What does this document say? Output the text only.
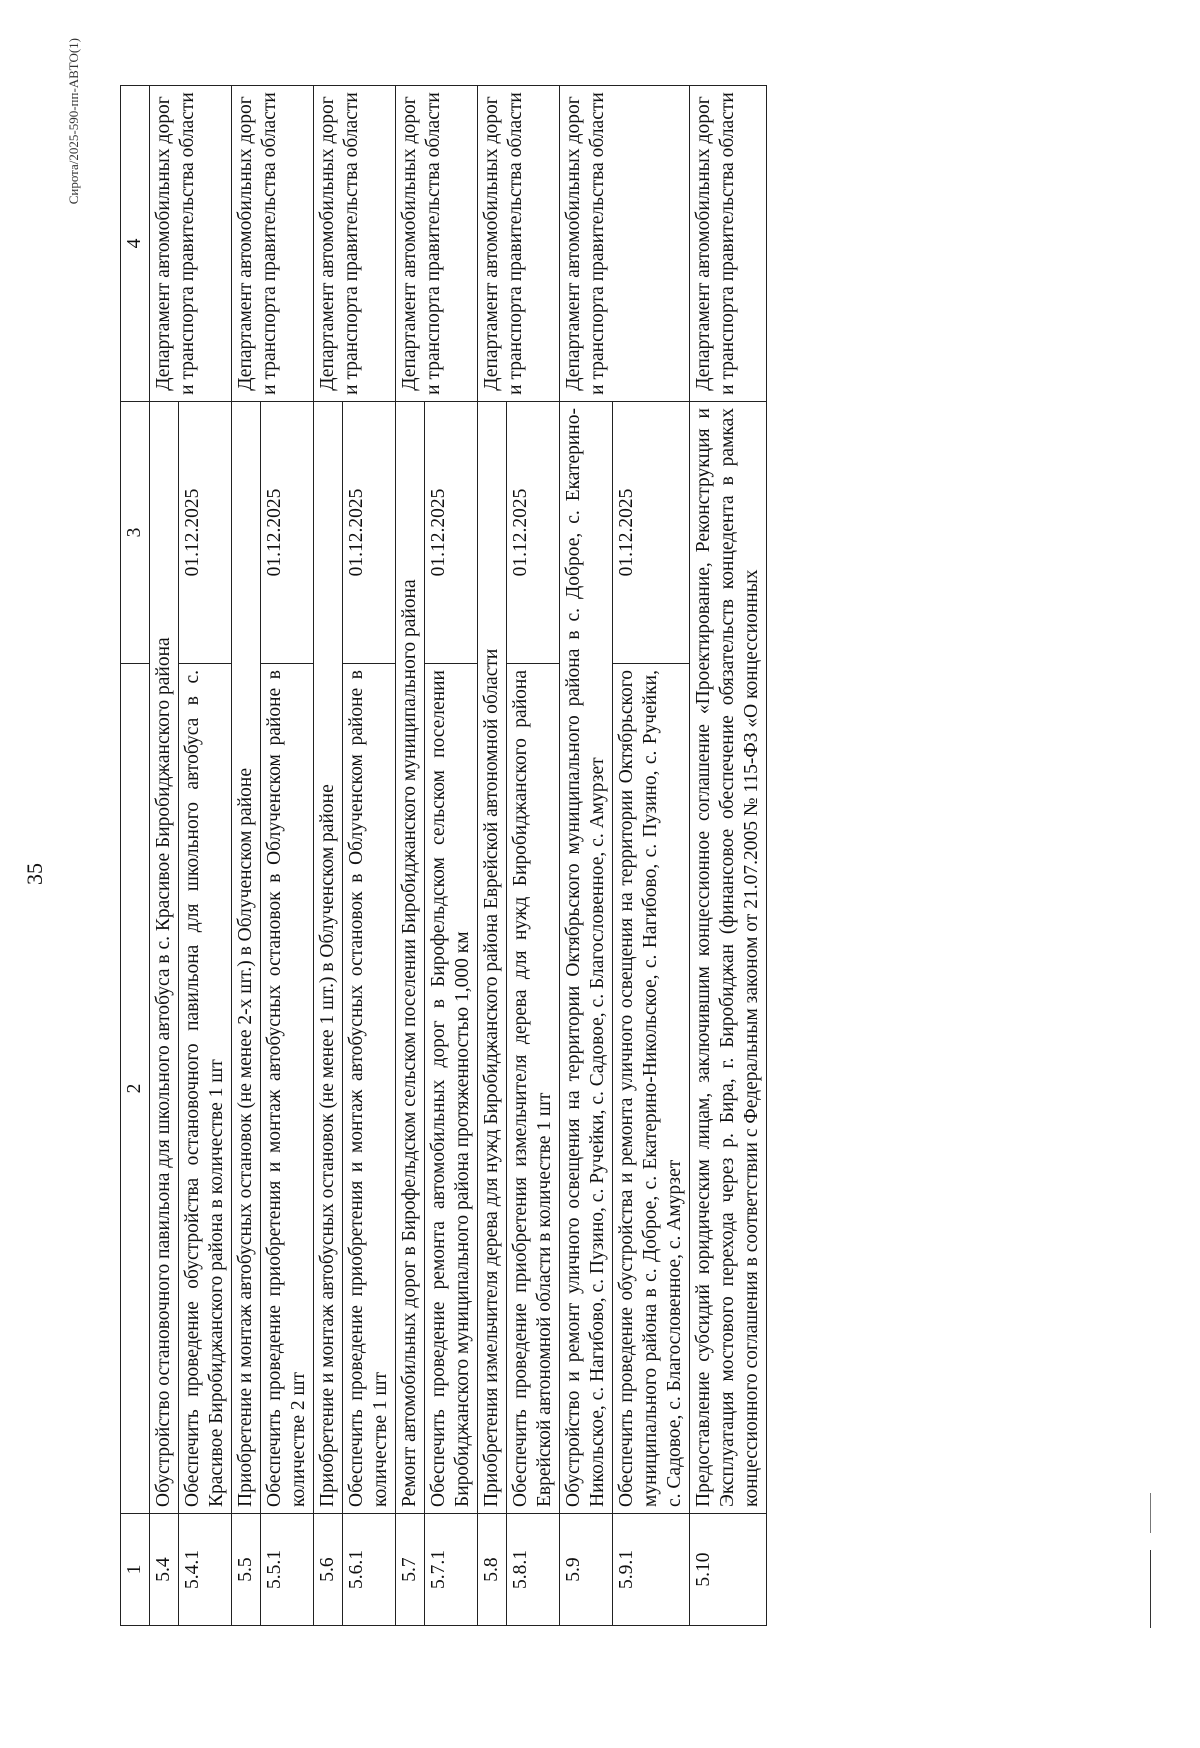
35
1	2	3	4
5.4	Обустройство остановочного павильона для школьного автобуса в с. Красивое Биробиджанского района		Департамент автомобильных дорог и транспорта правительства области
5.4.1	Обеспечить проведение обустройства остановочного павильона для школьного автобуса в с. Красивое Биробиджанского района в количестве 1 шт	01.12.2025	
5.5	Приобретение и монтаж автобусных остановок (не менее 2-х шт.) в Облученском районе		Департамент автомобильных дорог и транспорта правительства области
5.5.1	Обеспечить проведение приобретения и монтаж автобусных остановок в Облученском районе в количестве 2 шт	01.12.2025	
5.6	Приобретение и монтаж автобусных остановок (не менее 1 шт.) в Облученском районе		Департамент автомобильных дорог и транспорта правительства области
5.6.1	Обеспечить проведение приобретения и монтаж автобусных остановок в Облученском районе в количестве 1 шт	01.12.2025	
5.7	Ремонт автомобильных дорог в Бирофельдском сельском поселении Биробиджанского муниципального района		Департамент автомобильных дорог и транспорта правительства области
5.7.1	Обеспечить проведение ремонта автомобильных дорог в Бирофельдском сельском поселении Биробиджанского муниципального района протяженностью 1,000 км	01.12.2025	
5.8	Приобретения измельчителя дерева для нужд Биробиджанского района Еврейской автономной области		Департамент автомобильных дорог и транспорта правительства области
5.8.1	Обеспечить проведение приобретения измельчителя дерева для нужд Биробиджанского района Еврейской автономной области в количестве 1 шт	01.12.2025	
5.9	Обустройство и ремонт уличного освещения на территории Октябрьского муниципального района в с. Доброе, с. Екатерино-Никольское, с. Нагибово, с. Пузино, с. Ручейки, с. Садовое, с. Благословенное, с. Амурзет		Департамент автомобильных дорог и транспорта правительства области
5.9.1	Обеспечить проведение обустройства и ремонта уличного освещения на территории Октябрьского муниципального района в с. Доброе, с. Екатерино-Никольское, с. Нагибово, с. Пузино, с. Ручейки, с. Садовое, с. Благословенное, с. Амурзет	01.12.2025	
5.10	Предоставление субсидий юридическим лицам, заключившим концессионное соглашение «Проектирование, Реконструкция и Эксплуатация мостового перехода через р. Бира, г. Биробиджан (финансовое обеспечение обязательств концедента в рамках концессионного соглашения в соответствии с Федеральным законом от 21.07.2005 № 115-ФЗ «О концессионных		Департамент автомобильных дорог и транспорта правительства области
Сирота/2025-590-пп-АВТО(1)
